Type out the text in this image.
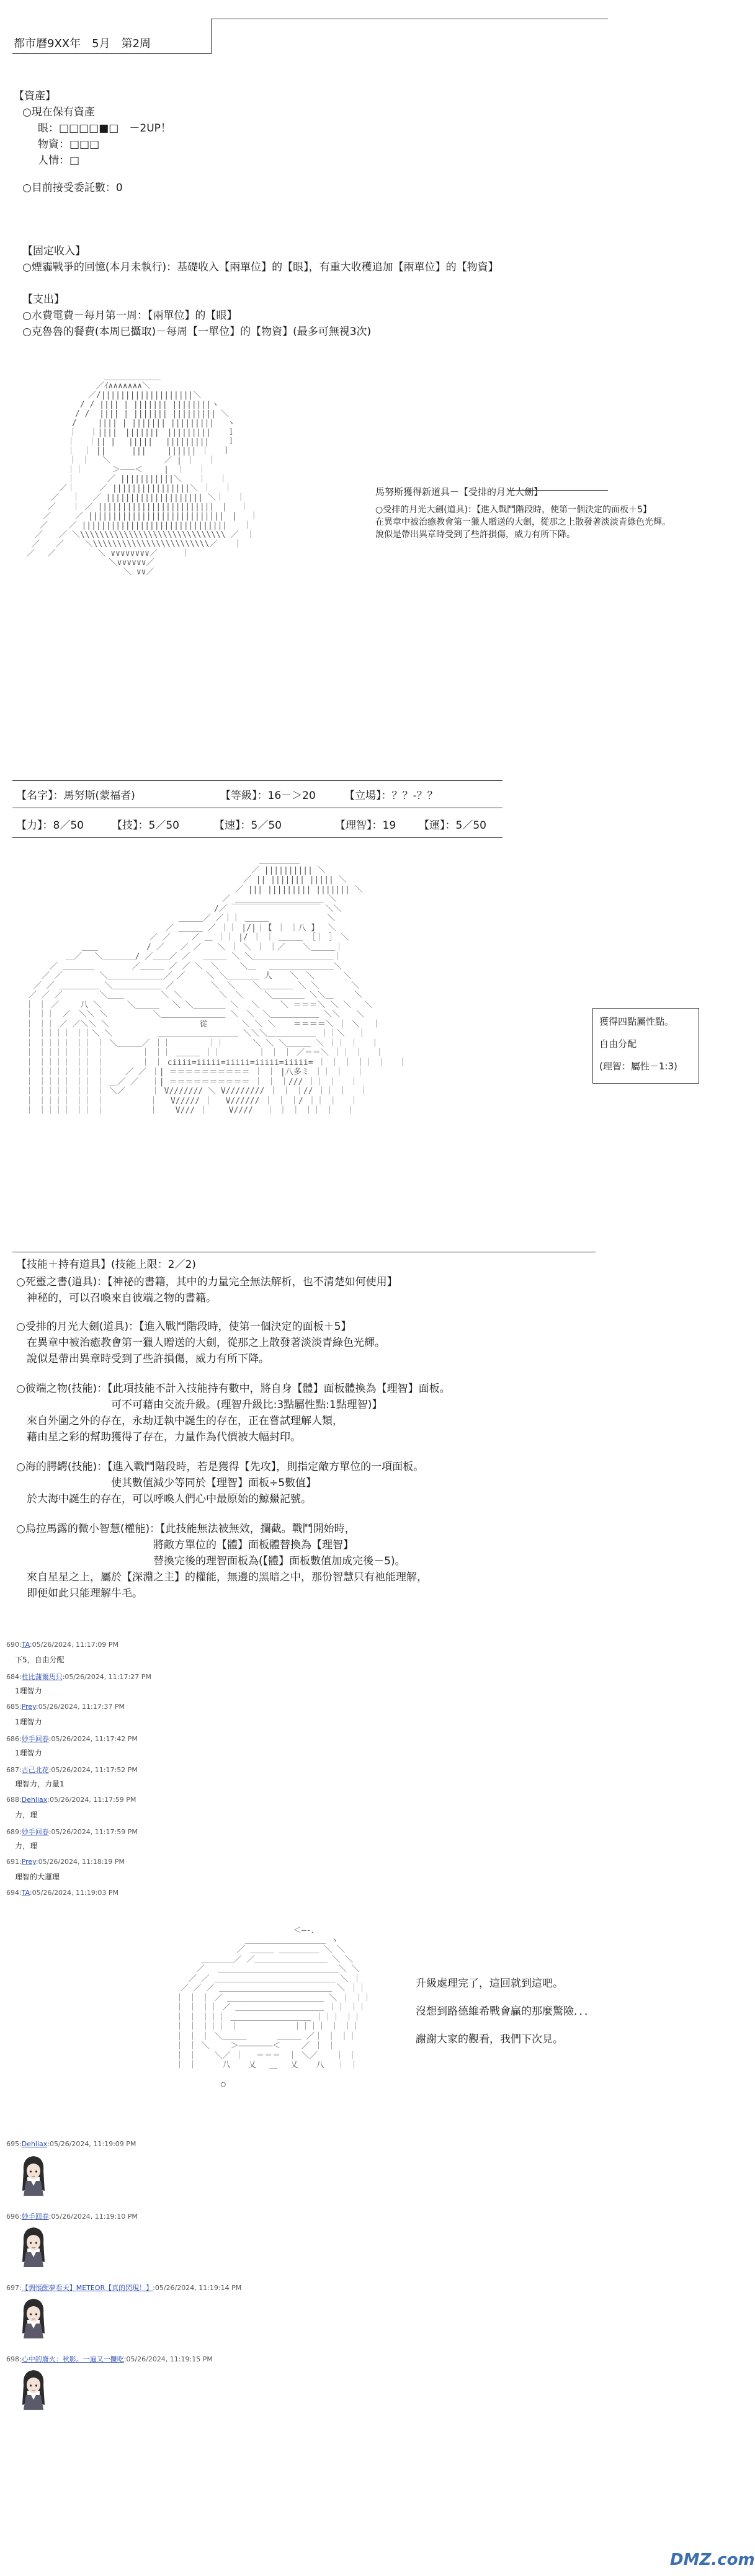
都市曆9XX年　5月　第2周
【資產】
○現在保有資產
　眼：□□□□■□　－2UP！
　物資：□□□
　人情：□
○目前接受委託數：0
【固定收入】
○煙霾戰爭的回憶(本月未執行)：基礎收入【兩單位】的【眼】，有重大收穫追加【兩單位】的【物資】
【支出】
○水費電費－每月第一周：【兩單位】的【眼】
○克魯魯的餐費(本周已攝取)－每周【一單位】的【物資】(最多可無視3次)
　　　　　　　　　　 ＿＿＿＿＿＿＿
　　　　　　　　　 ／ｲ∧∧∧∧∧∧∧＼
　　　　　　　　 ／/|||||||||||||||||||＼
　　　　　　 　/ / |||| | ||||||| ||||||||ヽ
　　　　　　　/ /  |||| | ||||||| ||||||||| ＼
　　　　 　　/ 　　|||| | ||||||| |||||||||　 ヽ
　　 　　　 ｜　 ｜||||　|||||||　|||||||||　　ｌ
　　　　　　｜　 ｜|| |　 |||||　 ||||||||| 　 ｌ
　　　　　　｜　｜ ||　 　 |||　　 |||||| ｜　 ｌ
　　 　　 　｜ ｜　 ＼ 　　　　　　／ | ｜　 ｜
　　　　　　｜｜　　　 ＞―――＜　　 |　｜　 ｜
　　　　　　｜　　　　／ |||||||||||＼　　｜ 　｜
　　　　　／｜　　　／ ||||||||||||||||＼ ｜　 ｜
　　　　／ 　｜　 ／ |||||||||||||||||||| ＼｜　 ｜
　　　 ／　　｜ ／ ||||||||||||||||||||||||　|　 ｜
　　　／　　　／ ||||||||||||||||||||||||||||　|　 ｜
　　 ／　　 ／ ||||||||||||||||||||||||||||||　　｜
　　／　　／ ＼\\\\\\\\\\\\\\\\\\\\\\\\\\\\\\ ／　｜
　 ／　　／　　 ＼\\\\\\\\\\\\\\\\\\\\\\\\／　　｜
　／ 　／ 　　　　 ＼ ∨∨∨∨∨∨∨∨／　　　｜
　　　 　　　　　　　 ＼∨∨∨∨∨∨／
　　　　　　　　　　　　　＼ ∨∨／

馬努斯獲得新道具－【受排的月光大劍】
○受排的月光大劍(道具)：【進入戰鬥階段時，使第一個決定的面板＋5】
在異章中被治癒教會第一獵人贈送的大劍，從那之上散發著淡淡青綠色光輝。
說似是帶出異章時受到了些許損傷，威力有所下降。
【名字】：馬努斯(蒙福者)	【等級】：16－＞20	【立場】：？？-？？
【力】：8／50	【技】：5／50	【速】：5／50	【理智】：19 【運】：5／50
　　　　　　　　　　　　　　　　　　　　　　　　　　　　　　 ＿＿＿＿＿
　　　　　　　　　　　　　　　　　　　　　　　　　　　　　 ／ |||||||||| ＼
　　　　　　　　　　　　　　　　　　　　　　　　　　　　 ／ || ||||||| ||||| ＼
　　　　　　　　　　　　　　　　　　　　　　　　　　　 ／ ||| ||||||||| ||||||| ＼
　　　　　　　　　　　　　　　　　　　　　　　　　　／ ＿＿＿＿＿＿＿＿＿＿＿ ＼
　　　　　　　　　　　　　　　　　　　　　　　　　/／ ￣￣￣￣￣￣￣￣￣￣￣ ＼＼
　　　　　　　　　　　　　　　　　　　　 ＿＿＿／ ／｜｜ ＿＿＿　　　　　 　 ＼
　　　　　　　　　　　　　　　　　　　／ ＿＿＿ ／ ｜｜ |/|｜【 ｜ ｜八 】　 ＼
　　　　　　　　　　　　　　　　　／ ／　　 ／ ＿ ｜｜ |/ ｜ ｜ ＿＿＿ ［｜ ］　＼
　　　　　　　　 ＿＿　　　　　　/ ／　　／ ／　　＼ ｜ ＼ ｜ ｜／ 　 ＼＿＿＿｜
　　　　　　 ＿／　 ＼＿＿＿＿/ ／＿＿／ ／　 ＿＿＿ ＼ ＼＿＿＿＿＿＿＿＿＿＿｜
　　　　 ／ ＿＿＿＿　　　　 ／＿＿＿ ／ ／ ＼　＼　　 ＼＿ 　＿＿＿＿＿＿＿＿＼
　　 　／ ／　　　　 ＼＿＿＿＿＿＿＿／ ／　　 ＼ ＼＿＿＿＿ 人 　 ＼　＼ 　　　＼
　　 ／ ／ ＿＿＿＿＿ ＼＿＿＿＿＿＿ ／　　　　 ＼　＼ 　 ＼＿＿＿＿ ＼ ＼　　　　＼
　　／ ／ ／　　　　 ＼＿＿　　　　 ＼ ＼　　　　 ＼　＼　　 ＼＿＿＿＿ ＼＼＿　　 ＼
　 ｜ ｜ ／　　 八 ＼ 　　 ＼＿＿＿　 ＼ ＼＿＿＿＿ ＼　 ＼　　 ＼ ＝＝＝＼ ＼ ＼　 ＼
　 ｜ ｜｜　／　＼＼ ＼　　　　　 ＼＿＿＿＿＿＿＿＿ ＼　＼　＼＿＿＿＿＿＿ ＼＼　　＼
　 ｜ ｜｜ ／ ／＼＼ ＼　　　　　　　　　 　 從　　 　 ＼ ＼ ＼ 　 ＝＝＝＝＼ ｜ ＼　 ｜
　 ｜ ｜｜｜｜ ｜｜＼ ＼　　　　　 ＿＿＿＿＿＿＿＿＿＿ ＼＼＼＿＿＿＿＿＿ ｜｜＼　 ｜
　 ｜ ｜｜｜｜ ｜｜ ｜ ＼＿＿＿／ ｜｜　　　　 ｜｜　　　 ＼ ＼ ＼＿＿＿ ＼ ｜｜ ｜　 ｜
　 ｜ ｜｜｜｜ ｜｜ ｜　　　　 ｜ ｜｜ ＿＿＿ ｜｜　　　　 ｜ ｜ ｜ ／＝＝＼ ｜｜ ｜　 ｜
　 ｜ ｜｜｜｜ ｜｜ ｜　　　　 ｜ ｜ ciiii=iiiii=iiiii=iiiii=iiiii= ｜ ｜ ｜ ｜｜ ｜　 ｜
　 ｜ ｜｜｜｜ ｜｜ ｜　　 ／ ／ ｜| ＝＝＝＝＝＝＝＝＝＝ ｜ ｜ |八多ミ ｜｜ ｜　 ｜
　 ｜ ｜｜｜｜ ｜｜ ｜ ＿／ ／ 　｜| ＝＝＝＝＝＝＝＝＝＝ ｜ ｜ ｜/// ｜｜ ｜　 ｜
　 ｜ ｜｜｜｜ ｜｜ ｜ ＼／ 　　 ｜ V/////// ＼ V//////// ｜ ｜ ｜// ｜｜ ｜　 ｜
　 ｜ ｜｜｜｜ ｜｜ ｜　　　　　 ｜ 　V///// ｜ 　V////// ｜ ｜ ｜/ ｜｜ ｜　 ｜
　 ｜ ｜｜｜｜ ｜｜ ｜　　　　　 ｜ 　 V/// ｜ 　　V//// 　｜ ｜ ｜ ｜｜ ｜　 ｜

獲得四點屬性點。
自由分配
(理智：屬性－1:3)
【技能＋持有道具】(技能上限：2／2)
○死靈之書(道具)：【神祕的書籍，其中的力量完全無法解析，也不清楚如何使用】
　神秘的，可以召喚來自彼端之物的書籍。
○受排的月光大劍(道具)：【進入戰鬥階段時，使第一個決定的面板＋5】
　在異章中被治癒教會第一獵人贈送的大劍，從那之上散發著淡淡青綠色光輝。
　說似是帶出異章時受到了些許損傷，威力有所下降。
○彼端之物(技能)：【此項技能不計入技能持有數中，將自身【體】面板體換為【理智】面板。
　　　　　　　　　可不可藉由交流升級。(理智升級比:3點屬性點:1點理智)】
　來自外圍之外的存在，永劫迂執中誕生的存在，正在嘗試理解人類，
　藉由星之彩的幫助獲得了存在，力量作為代價被大幅封印。
○海的腭齶(技能)：【進入戰鬥階段時，若是獲得【先攻】，則指定敵方單位的一項面板。
　　　　　　　　　使其數值減少等同於【理智】面板÷5數值】
　於大海中誕生的存在，可以呼喚人們心中最原始的鯨鱟記號。
○烏拉馬露的微小智慧(權能)：【此技能無法被無效，攔截。戰鬥開始時，
　　　　　　　　　　　　　將敵方單位的【體】面板體替換為【理智】
　　　　　　　　　　　　　替換完後的理智面板為(【體】面板數值加成完後－5)。
　來自星星之上，屬於【深淵之主】的權能，無邊的黑暗之中，那份智慧只有祂能理解，
　即便如此只能理解牛毛。
690:TA:05/26/2024, 11:17:09 PM
下5，自由分配
684:杜比蒲爾馬只:05/26/2024, 11:17:27 PM
1理智力
685:Prey:05/26/2024, 11:17:37 PM
1理智力
686:妙手回春:05/26/2024, 11:17:42 PM
1理智力
687:古己北花:05/26/2024, 11:17:52 PM
理智力，力量1
688:Dehliax:05/26/2024, 11:17:59 PM
力，理
689:妙手回春:05/26/2024, 11:17:59 PM
力，理
691:Prey:05/26/2024, 11:18:19 PM
理智的大運理
694:TA:05/26/2024, 11:19:03 PM
　　　　　　　　　　　　　　　 ＜―-．
　　　　　　　　　 ＿＿＿＿＿＿＿＿＿＿ ヽ
　　　　　　　　 ／ ＿＿＿ ＿＿＿＿＿ ＼ ＼
　　 　 ＿＿＿＿／ ／＿＿＿＿＿＿＿＿＿ ＼ ＼
　　　 ／　 ＿＿＿＿＿＿＿＿＿＿＿＿＿＿＿＼ ＼
　　 ／ ／ ＿＿＿＿＿＿＿＿＿＿＿＿＿＿＿ ＼ ｜
　 ／ ／ ／ ＿＿＿＿＿＿＿＿＿＿＿＿＿＿ ＼ ｜｜
　｜ ｜ ｜ ／ ＿＿＿＿＿＿＿＿＿＿＿＿ ＼ ｜ ｜｜
　｜ ｜ ｜｜ ／ ＿＿＿＿＿＿＿＿＿＿＿ ｜｜ ｜｜
　｜ ｜ ｜｜｜ ＿＿＿＿＿＿＿＿＿＿ ｜｜｜ ｜｜
　｜ ｜ ｜｜｜ ｜ 　 　　　　 ｜｜｜｜ ｜ ｜｜
　｜ ｜ ｜ ＼＿＿＿ 　 　 ＿＿＿ ／｜ ｜ ｜｜
　｜ ｜ ＼　　 ＞―――――――＜　　 ／ ｜ ｜
　｜ ｜ 　 ＼／ ｜　 ＝＝＝　｜ ＼／ 　 ｜ ｜
　｜ ｜ 　　 八 　 乂　 ＿　 乂 　 八　 ｜ ｜

　　　　　　 ○　　　　　　　　　　　　　

升級處理完了，這回就到這吧。
沒想到路德維希戰會贏的那麼驚險．．．
謝謝大家的觀看，我們下次見。
695:Dehliax:05/26/2024, 11:19:09 PM
696:妙手回春:05/26/2024, 11:19:10 PM
697:【惆悵醒夢看天】METEOR【真的閃現！】:05/26/2024, 11:19:14 PM
698:心中的廢火：秋影。一遍又一攤吃:05/26/2024, 11:19:15 PM
DMZ.com
